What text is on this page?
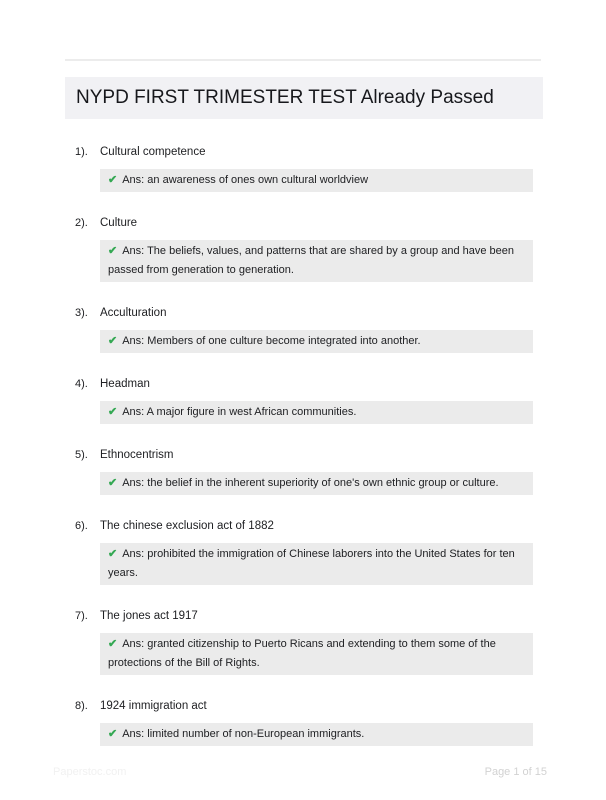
NYPD FIRST TRIMESTER TEST Already Passed
1).	Cultural competence
✔ Ans: an awareness of ones own cultural worldview
2).	Culture
✔ Ans: The beliefs, values, and patterns that are shared by a group and have been passed from generation to generation.
3).	Acculturation
✔ Ans: Members of one culture become integrated into another.
4).	Headman
✔ Ans: A major figure in west African communities.
5).	Ethnocentrism
✔ Ans: the belief in the inherent superiority of one's own ethnic group or culture.
6).	The chinese exclusion act of 1882
✔ Ans: prohibited the immigration of Chinese laborers into the United States for ten years.
7).	The jones act 1917
✔ Ans: granted citizenship to Puerto Ricans and extending to them some of the protections of the Bill of Rights.
8).	1924 immigration act
✔ Ans: limited number of non-European immigrants.
Paperstoc.com	Page 1 of 15
